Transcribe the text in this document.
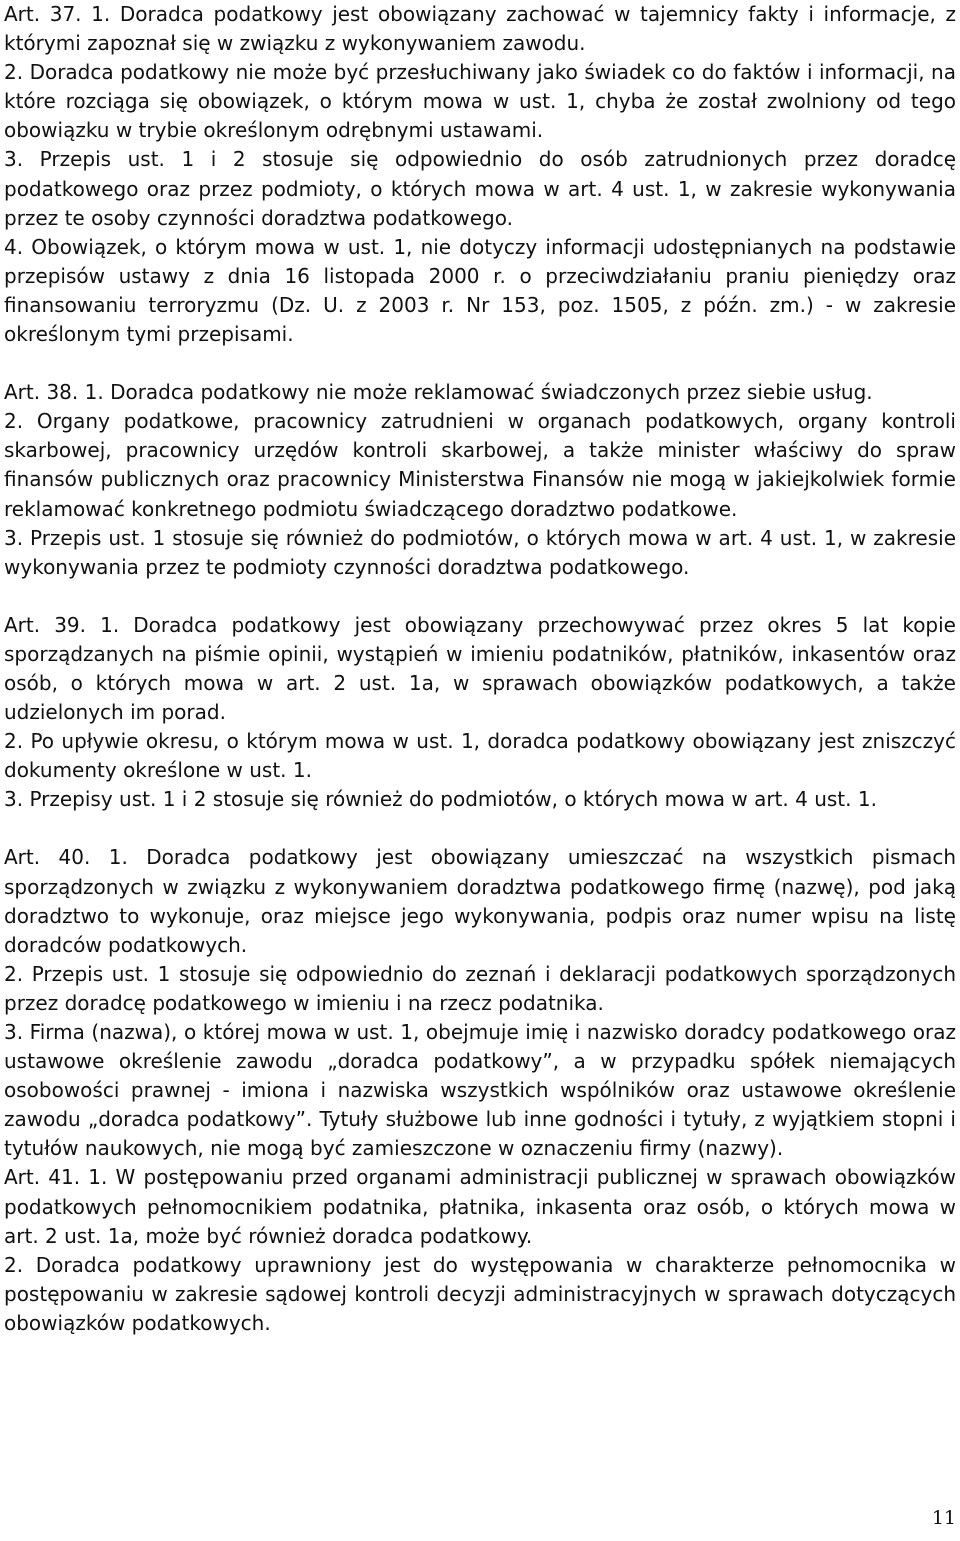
Art. 37. 1. Doradca podatkowy jest obowiązany zachować w tajemnicy fakty i informacje, z którymi zapoznał się w związku z wykonywaniem zawodu.

2. Doradca podatkowy nie może być przesłuchiwany jako świadek co do faktów i informacji, na które rozciąga się obowiązek, o którym mowa w ust. 1, chyba że został zwolniony od tego obowiązku w trybie określonym odrębnymi ustawami.

3. Przepis ust. 1 i 2 stosuje się odpowiednio do osób zatrudnionych przez doradcę podatkowego oraz przez podmioty, o których mowa w art. 4 ust. 1, w zakresie wykonywania przez te osoby czynności doradztwa podatkowego.

4. Obowiązek, o którym mowa w ust. 1, nie dotyczy informacji udostępnianych na podstawie przepisów ustawy z dnia 16 listopada 2000 r. o przeciwdziałaniu praniu pieniędzy oraz finansowaniu terroryzmu (Dz. U. z 2003 r. Nr 153, poz. 1505, z późn. zm.) - w zakresie określonym tymi przepisami.

Art. 38. 1. Doradca podatkowy nie może reklamować świadczonych przez siebie usług.

2. Organy podatkowe, pracownicy zatrudnieni w organach podatkowych, organy kontroli skarbowej, pracownicy urzędów kontroli skarbowej, a także minister właściwy do spraw finansów publicznych oraz pracownicy Ministerstwa Finansów nie mogą w jakiejkolwiek formie reklamować konkretnego podmiotu świadczącego doradztwo podatkowe.

3. Przepis ust. 1 stosuje się również do podmiotów, o których mowa w art. 4 ust. 1, w zakresie wykonywania przez te podmioty czynności doradztwa podatkowego.

Art. 39. 1. Doradca podatkowy jest obowiązany przechowywać przez okres 5 lat kopie sporządzanych na piśmie opinii, wystąpień w imieniu podatników, płatników, inkasentów oraz osób, o których mowa w art. 2 ust. 1a, w sprawach obowiązków podatkowych, a także udzielonych im porad.

2. Po upływie okresu, o którym mowa w ust. 1, doradca podatkowy obowiązany jest zniszczyć dokumenty określone w ust. 1.

3. Przepisy ust. 1 i 2 stosuje się również do podmiotów, o których mowa w art. 4 ust. 1.

Art. 40. 1. Doradca podatkowy jest obowiązany umieszczać na wszystkich pismach sporządzonych w związku z wykonywaniem doradztwa podatkowego firmę (nazwę), pod jaką doradztwo to wykonuje, oraz miejsce jego wykonywania, podpis oraz numer wpisu na listę doradców podatkowych.

2. Przepis ust. 1 stosuje się odpowiednio do zeznań i deklaracji podatkowych sporządzonych przez doradcę podatkowego w imieniu i na rzecz podatnika.

3. Firma (nazwa), o której mowa w ust. 1, obejmuje imię i nazwisko doradcy podatkowego oraz ustawowe określenie zawodu „doradca podatkowy”, a w przypadku spółek niemających osobowości prawnej - imiona i nazwiska wszystkich wspólników oraz ustawowe określenie zawodu „doradca podatkowy”. Tytuły służbowe lub inne godności i tytuły, z wyjątkiem stopni i tytułów naukowych, nie mogą być zamieszczone w oznaczeniu firmy (nazwy).

Art. 41. 1. W postępowaniu przed organami administracji publicznej w sprawach obowiązków podatkowych pełnomocnikiem podatnika, płatnika, inkasenta oraz osób, o których mowa w art. 2 ust. 1a, może być również doradca podatkowy.

2. Doradca podatkowy uprawniony jest do występowania w charakterze pełnomocnika w postępowaniu w zakresie sądowej kontroli decyzji administracyjnych w sprawach dotyczących obowiązków podatkowych.

11
